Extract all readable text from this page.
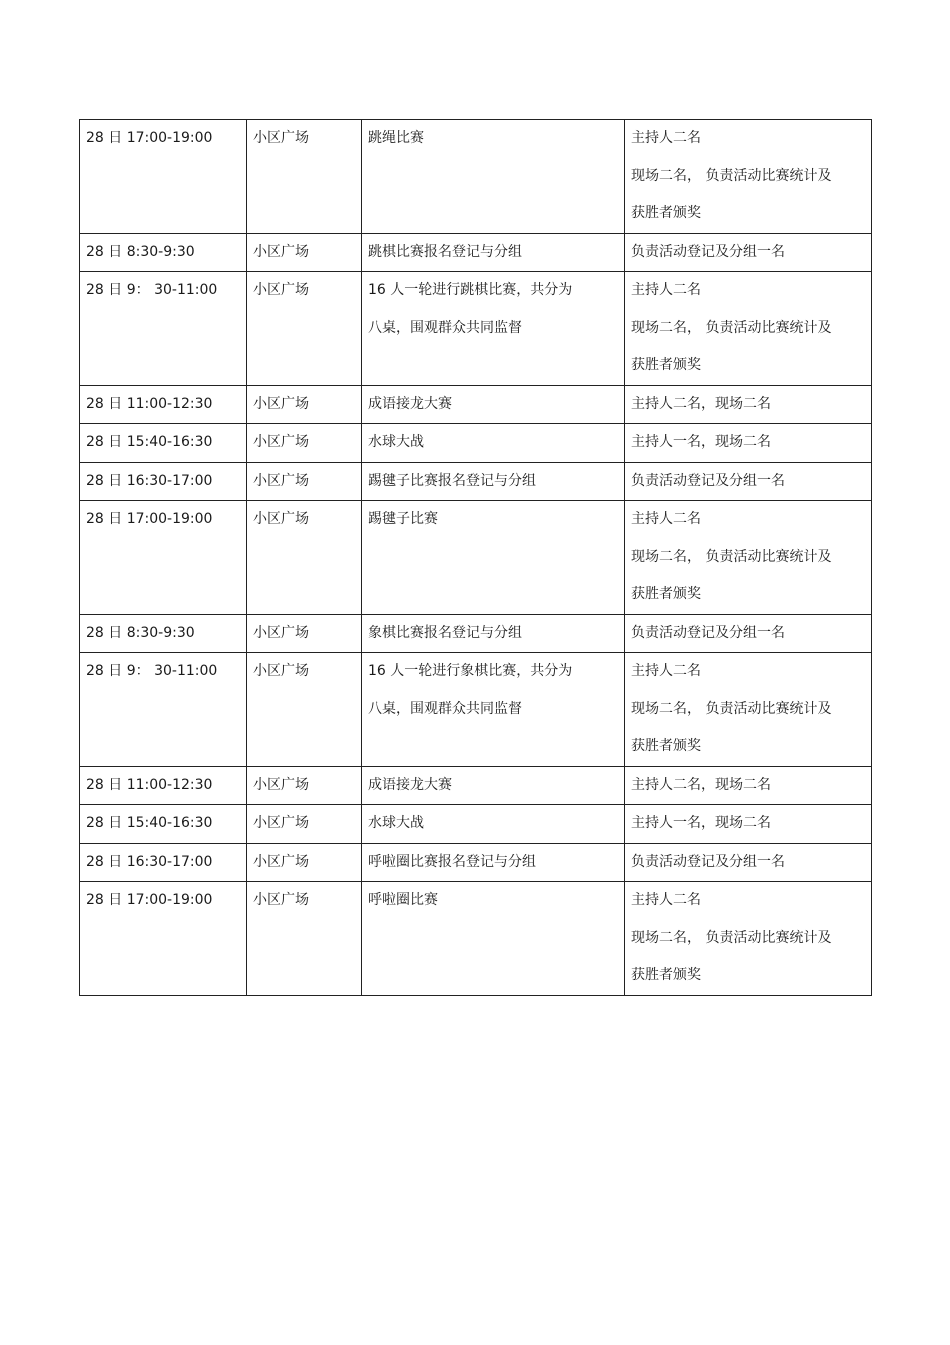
28 日 17:00-19:00	小区广场	跳绳比赛	主持人二名
现场二名， 负责活动比赛统计及
获胜者颁奖

28 日 8:30-9:30	小区广场	跳棋比赛报名登记与分组	负责活动登记及分组一名

28 日 9： 30-11:00	小区广场	16 人一轮进行跳棋比赛，共分为
八桌，围观群众共同监督	主持人二名
现场二名， 负责活动比赛统计及
获胜者颁奖

28 日 11:00-12:30	小区广场	成语接龙大赛	主持人二名，现场二名

28 日 15:40-16:30	小区广场	水球大战	主持人一名，现场二名

28 日 16:30-17:00	小区广场	踢毽子比赛报名登记与分组	负责活动登记及分组一名

28 日 17:00-19:00	小区广场	踢毽子比赛	主持人二名
现场二名， 负责活动比赛统计及
获胜者颁奖

28 日 8:30-9:30	小区广场	象棋比赛报名登记与分组	负责活动登记及分组一名

28 日 9： 30-11:00	小区广场	16 人一轮进行象棋比赛，共分为
八桌，围观群众共同监督	主持人二名
现场二名， 负责活动比赛统计及
获胜者颁奖

28 日 11:00-12:30	小区广场	成语接龙大赛	主持人二名，现场二名

28 日 15:40-16:30	小区广场	水球大战	主持人一名，现场二名

28 日 16:30-17:00	小区广场	呼啦圈比赛报名登记与分组	负责活动登记及分组一名

28 日 17:00-19:00	小区广场	呼啦圈比赛	主持人二名
现场二名， 负责活动比赛统计及
获胜者颁奖
